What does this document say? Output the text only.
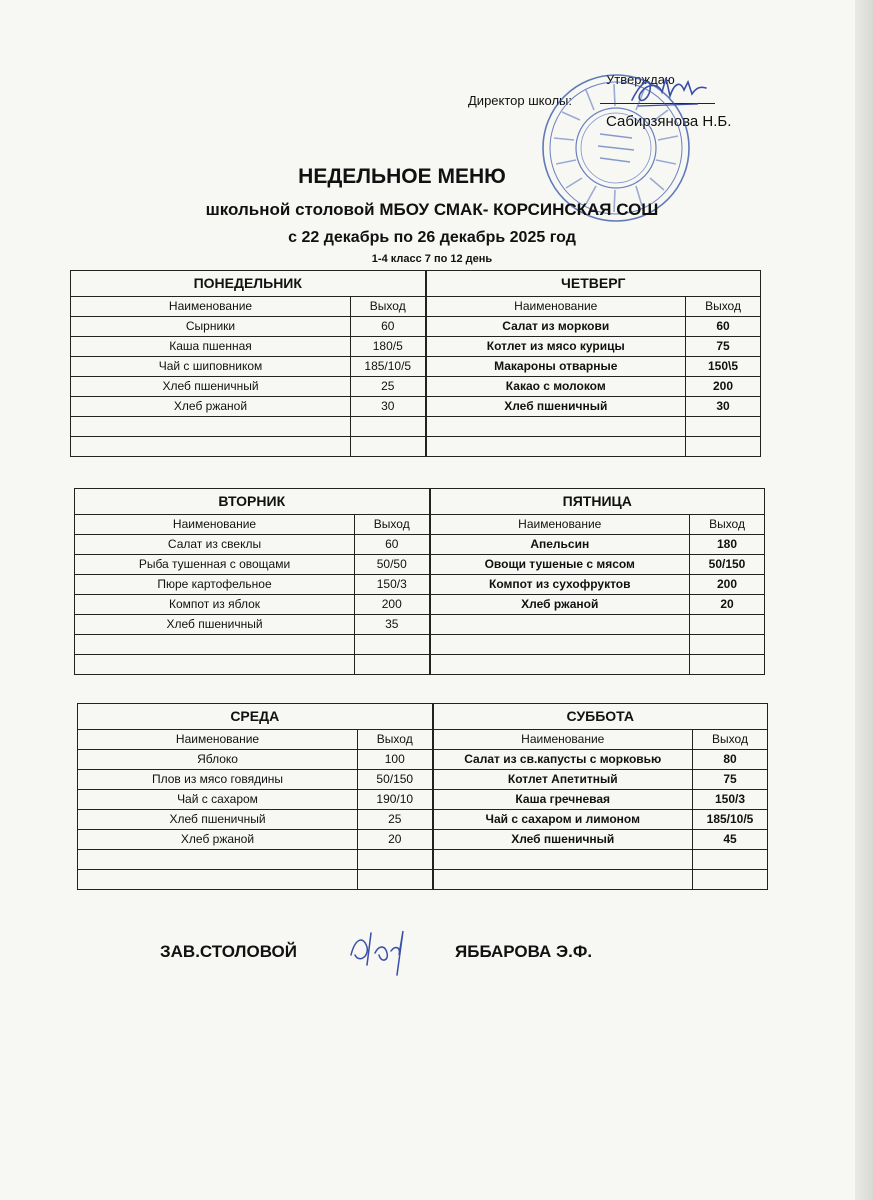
Утверждаю
Директор школы:
Сабирзянова Н.Б.
НЕДЕЛЬНОЕ МЕНЮ
школьной столовой МБОУ СМАК- КОРСИНСКАЯ СОШ
с 22 декабрь по 26 декабрь 2025 год
1-4 класс 7 по 12 день
ПОНЕДЕЛЬНИК		ЧЕТВЕРГ	
Наименование	Выход	Наименование	Выход
Сырники	60	Салат из моркови	60
Каша пшенная	180/5	Котлет из мясо курицы	75
Чай с шиповником	185/10/5	Макароны отварные	150\5
Хлеб пшеничный	25	Какао с молоком	200
Хлеб ржаной	30	Хлеб пшеничный	30

ВТОРНИК		ПЯТНИЦА	
Наименование	Выход	Наименование	Выход
Салат из свеклы	60	Апельсин	180
Рыба тушенная с овощами	50/50	Овощи тушеные с мясом	50/150
Пюре картофельное	150/3	Компот из сухофруктов	200
Компот из яблок	200	Хлеб ржаной	20
Хлеб пшеничный	35		

СРЕДА		СУББОТА	
Наименование	Выход	Наименование	Выход
Яблоко	100	Салат из св.капусты с морковью	80
Плов из мясо говядины	50/150	Котлет Апетитный	75
Чай с сахаром	190/10	Каша гречневая	150/3
Хлеб пшеничный	25	Чай с сахаром и лимоном	185/10/5
Хлеб ржаной	20	Хлеб пшеничный	45

ЗАВ.СТОЛОВОЙ	ЯББАРОВА Э.Ф.
